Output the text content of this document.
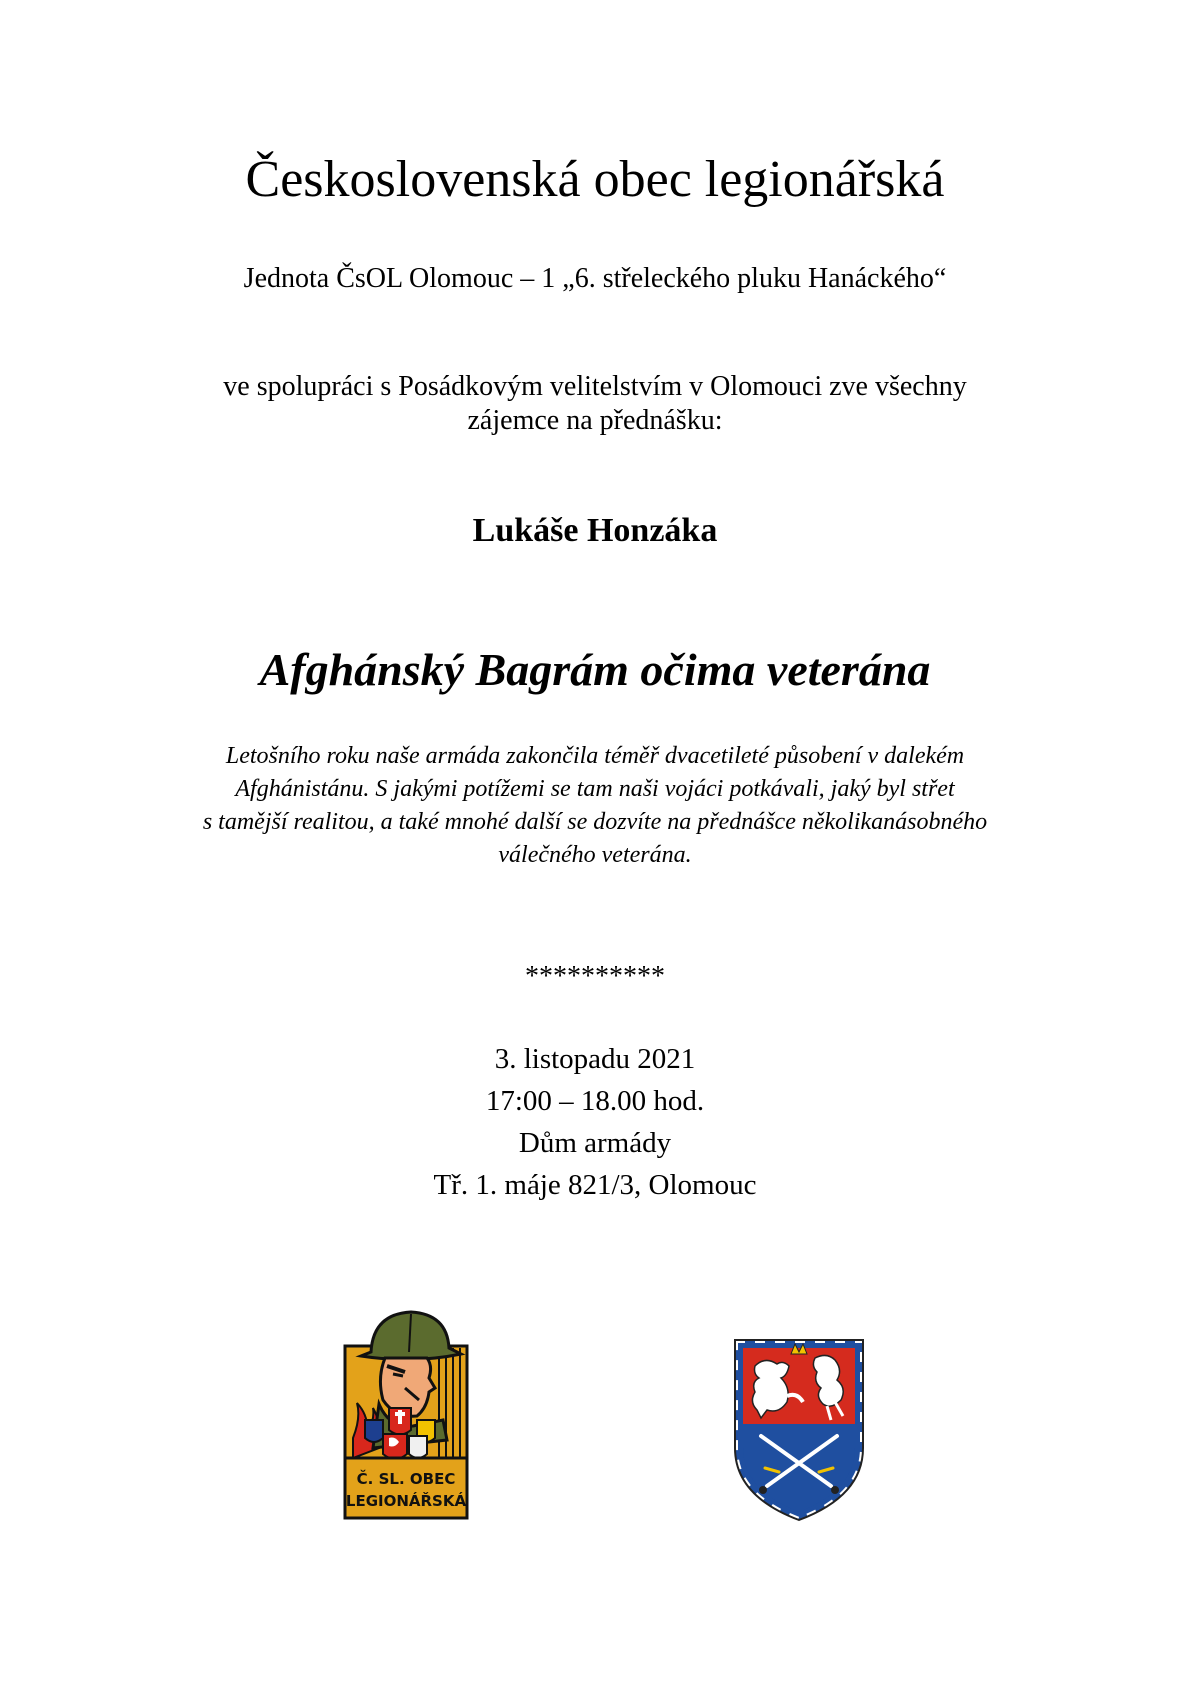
Československá obec legionářská
Jednota ČsOL Olomouc – 1 „6. střeleckého pluku Hanáckého“
ve spolupráci s Posádkovým velitelstvím v Olomouci zve všechny
zájemce na přednášku:
Lukáše Honzáka
Afghánský Bagrám očima veterána
Letošního roku naše armáda zakončila téměř dvacetileté působení v dalekém
Afghánistánu. S jakými potížemi se tam naši vojáci potkávali, jaký byl střet
s tamější realitou, a také mnohé další se dozvíte na přednášce několikanásobného
válečného veterána.
**********
3. listopadu 2021
17:00 – 18.00 hod.
Dům armády
Tř. 1. máje 821/3, Olomouc
Č. SL. OBEC
LEGIONÁŘSKÁ
